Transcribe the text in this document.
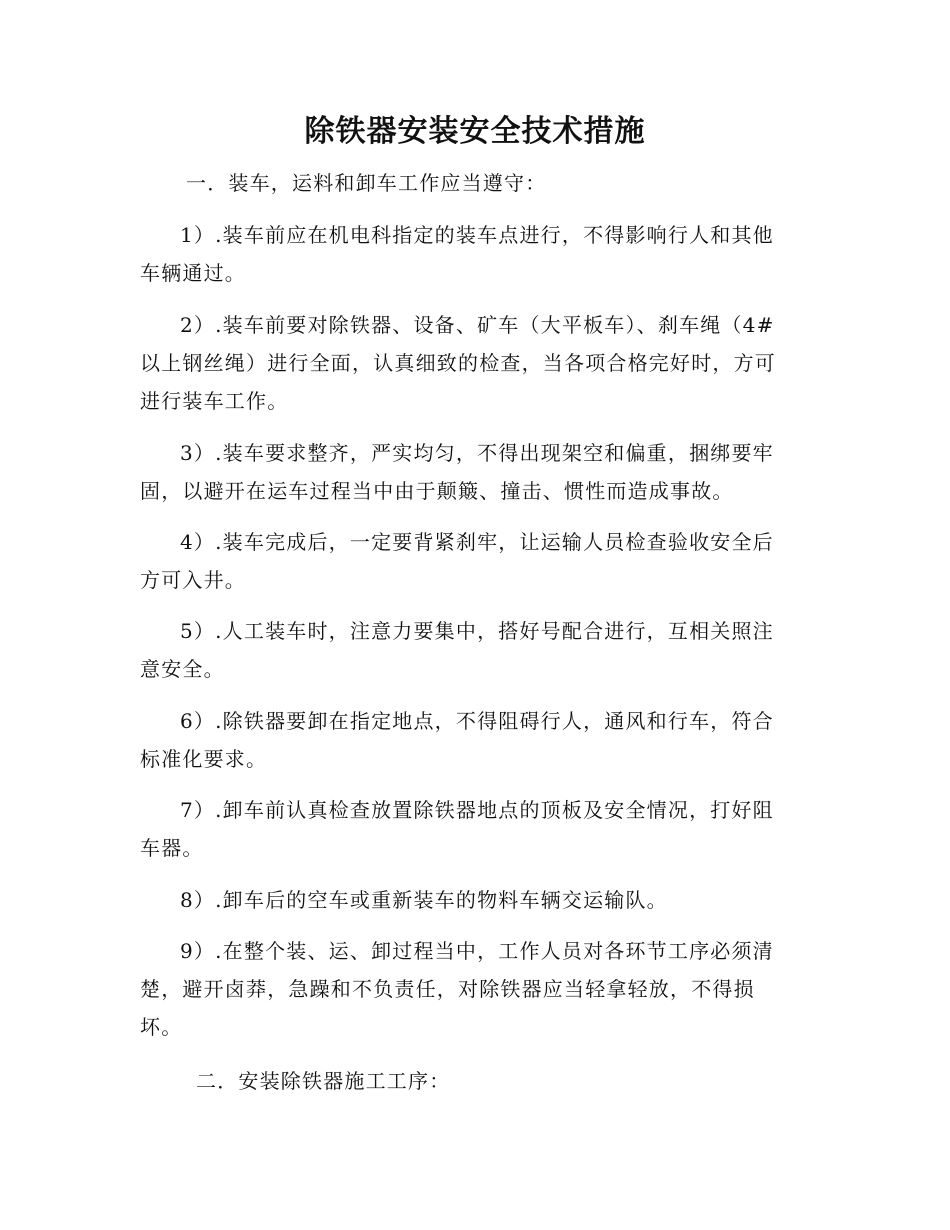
除铁器安装安全技术措施

一．装车，运料和卸车工作应当遵守：

1）.装车前应在机电科指定的装车点进行，不得影响行人和其他车辆通过。

2）.装车前要对除铁器、设备、矿车（大平板车）、刹车绳（4#以上钢丝绳）进行全面，认真细致的检查，当各项合格完好时，方可进行装车工作。

3）.装车要求整齐，严实均匀，不得出现架空和偏重，捆绑要牢固，以避开在运车过程当中由于颠簸、撞击、惯性而造成事故。

4）.装车完成后，一定要背紧刹牢，让运输人员检查验收安全后方可入井。

5）.人工装车时，注意力要集中，搭好号配合进行，互相关照注意安全。

6）.除铁器要卸在指定地点，不得阻碍行人，通风和行车，符合标准化要求。

7）.卸车前认真检查放置除铁器地点的顶板及安全情况，打好阻车器。

8）.卸车后的空车或重新装车的物料车辆交运输队。

9）.在整个装、运、卸过程当中，工作人员对各环节工序必须清楚，避开卤莽，急躁和不负责任，对除铁器应当轻拿轻放，不得损坏。

二．安装除铁器施工工序：
